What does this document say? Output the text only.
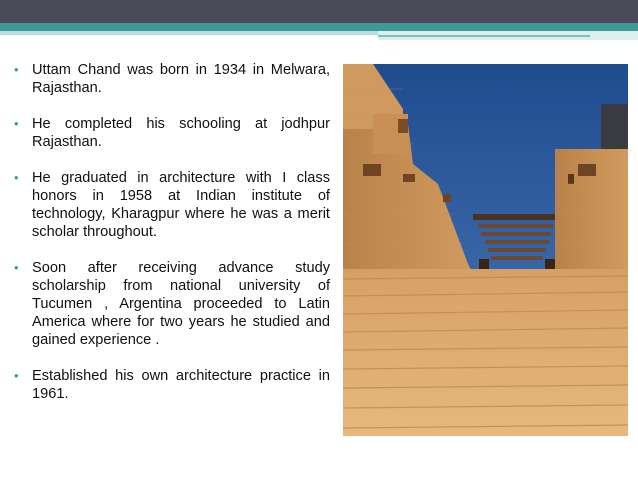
• Uttam Chand was born in 1934 in Melwara, Rajasthan.
• He completed his schooling at jodhpur Rajasthan.
• He graduated in architecture with I class honors in 1958 at Indian institute of technology, Kharagpur where he was a merit scholar throughout.
• Soon after receiving advance study scholarship from national university of Tucumen , Argentina proceeded to Latin America where for two years he studied and gained experience .
• Established his own architecture practice in 1961.
